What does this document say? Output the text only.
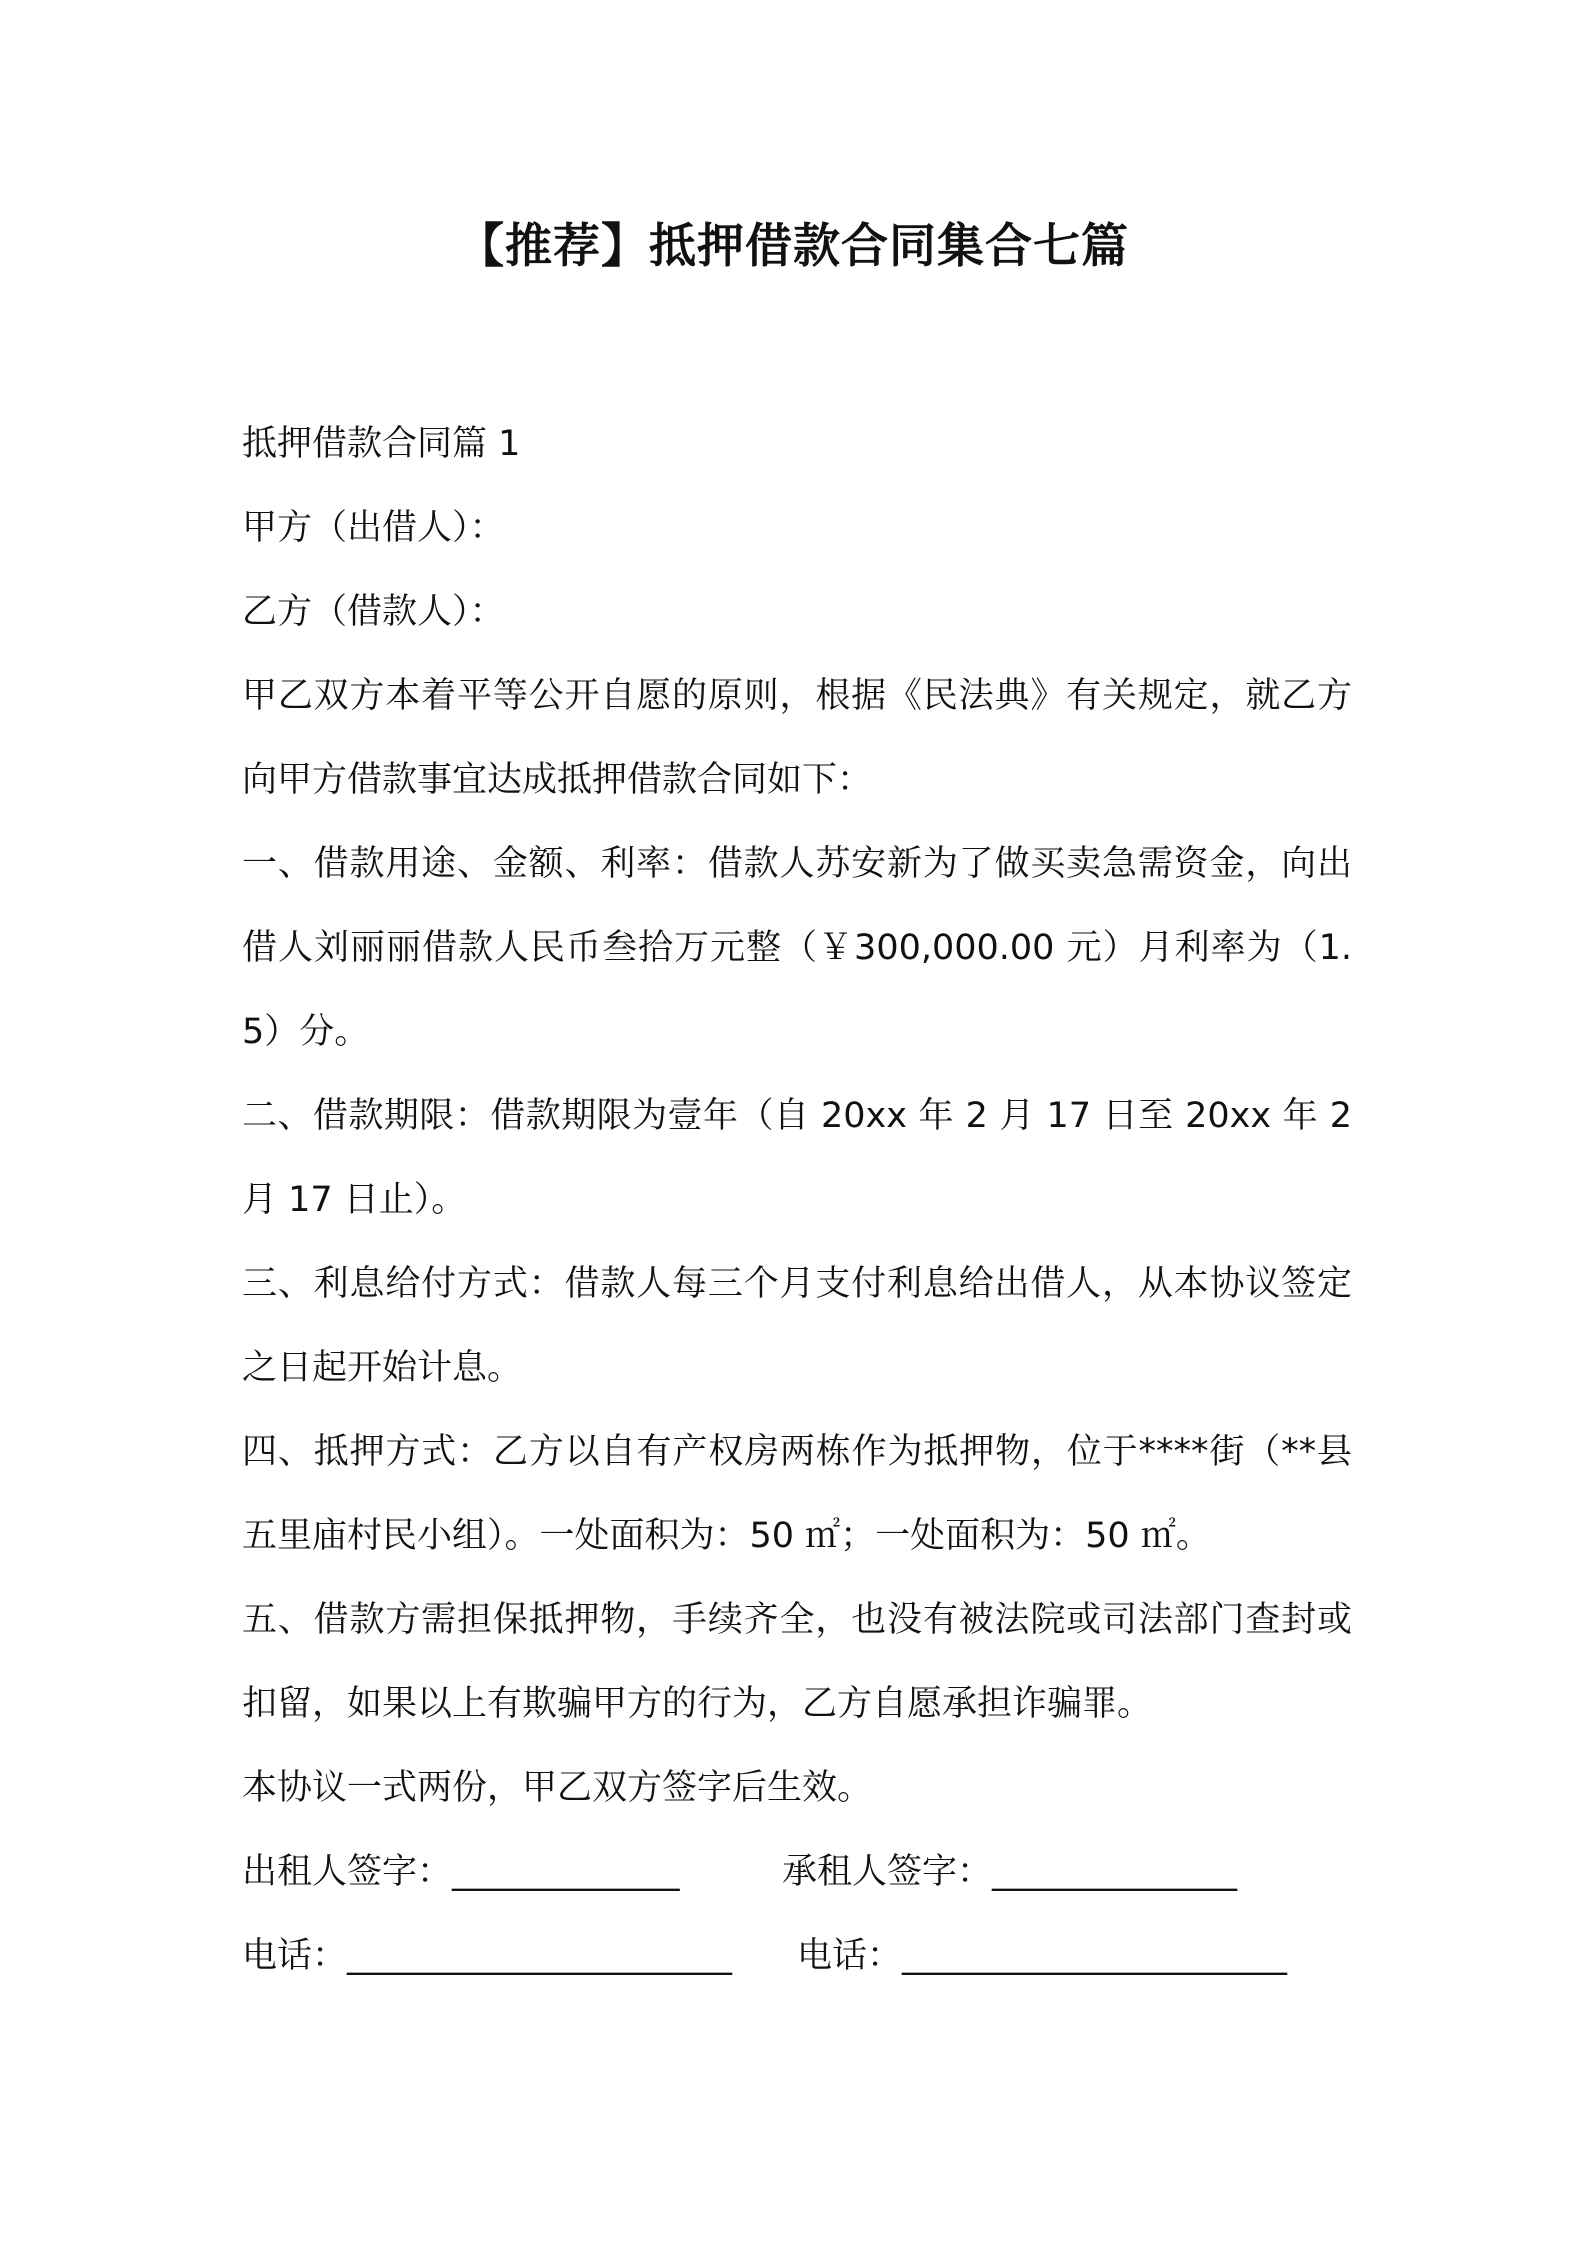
【推荐】抵押借款合同集合七篇

抵押借款合同篇 1

甲方（出借人）：

乙方（借款人）：

甲乙双方本着平等公开自愿的原则，根据《民法典》有关规定，就乙方向甲方借款事宜达成抵押借款合同如下：

一、借款用途、金额、利率：借款人苏安新为了做买卖急需资金，向出借人刘丽丽借款人民币叁拾万元整（￥300,000.00 元）月利率为（1.5）分。

二、借款期限：借款期限为壹年（自 20xx 年 2 月 17 日至 20xx 年 2 月 17 日止）。

三、利息给付方式：借款人每三个月支付利息给出借人，从本协议签定之日起开始计息。

四、抵押方式：乙方以自有产权房两栋作为抵押物，位于****街（**县五里庙村民小组）。一处面积为：50 ㎡；一处面积为：50 ㎡。

五、借款方需担保抵押物，手续齐全，也没有被法院或司法部门查封或扣留，如果以上有欺骗甲方的行为，乙方自愿承担诈骗罪。

本协议一式两份，甲乙双方签字后生效。

出租人签字：_____________	承租人签字：______________
电话：______________________	电话：______________________
